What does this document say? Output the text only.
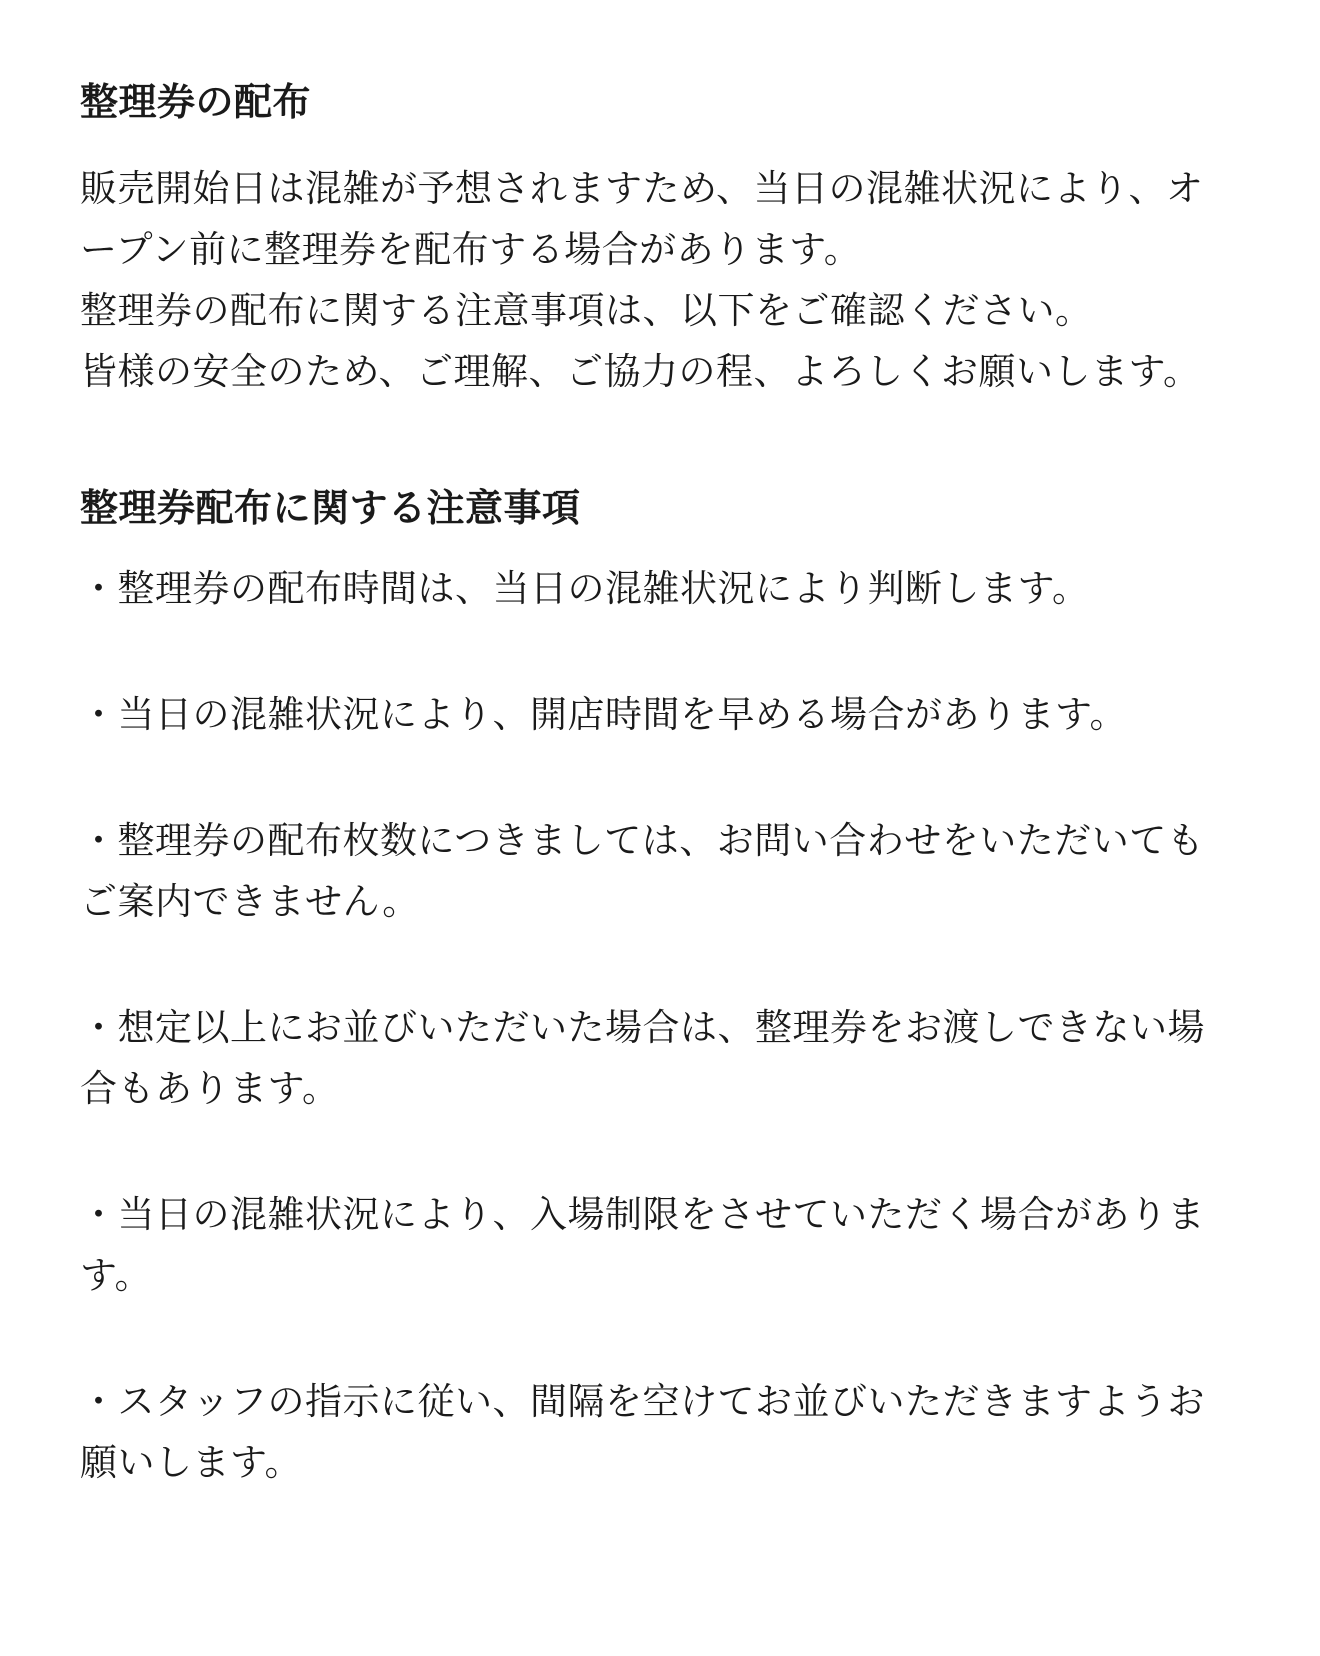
整理券の配布

販売開始日は混雑が予想されますため、当日の混雑状況により、オープン前に整理券を配布する場合があります。

整理券の配布に関する注意事項は、以下をご確認ください。

皆様の安全のため、ご理解、ご協力の程、よろしくお願いします。

整理券配布に関する注意事項
・整理券の配布時間は、当日の混雑状況により判断します。
・当日の混雑状況により、開店時間を早める場合があります。
・整理券の配布枚数につきましては、お問い合わせをいただいてもご案内できません。
・想定以上にお並びいただいた場合は、整理券をお渡しできない場合もあります。
・当日の混雑状況により、入場制限をさせていただく場合があります。
・スタッフの指示に従い、間隔を空けてお並びいただきますようお願いします。
